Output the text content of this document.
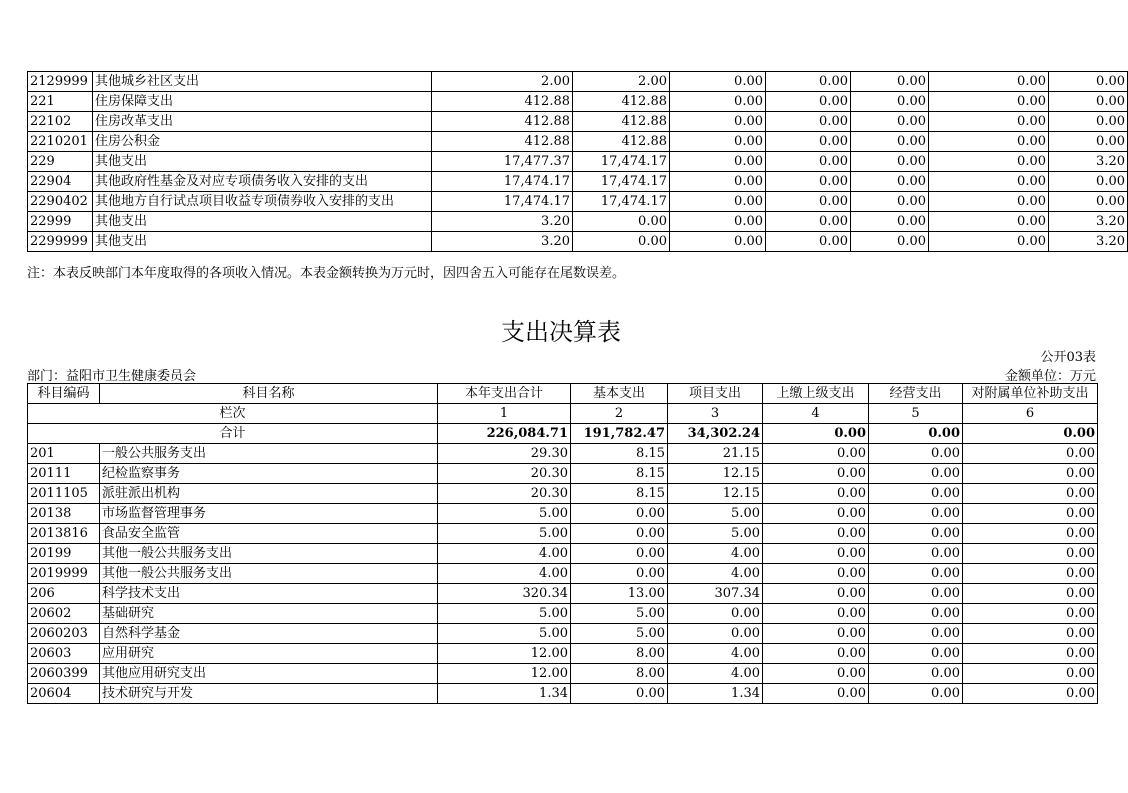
2129999	其他城乡社区支出	2.00	2.00	0.00	0.00	0.00	0.00	0.00
221	住房保障支出	412.88	412.88	0.00	0.00	0.00	0.00	0.00
22102	住房改革支出	412.88	412.88	0.00	0.00	0.00	0.00	0.00
2210201	住房公积金	412.88	412.88	0.00	0.00	0.00	0.00	0.00
229	其他支出	17,477.37	17,474.17	0.00	0.00	0.00	0.00	3.20
22904	其他政府性基金及对应专项债务收入安排的支出	17,474.17	17,474.17	0.00	0.00	0.00	0.00	0.00
2290402	其他地方自行试点项目收益专项债券收入安排的支出	17,474.17	17,474.17	0.00	0.00	0.00	0.00	0.00
22999	其他支出	3.20	0.00	0.00	0.00	0.00	0.00	3.20
2299999	其他支出	3.20	0.00	0.00	0.00	0.00	0.00	3.20
注：本表反映部门本年度取得的各项收入情况。本表金额转换为万元时，因四舍五入可能存在尾数误差。
支出决算表
公开03表
部门：益阳市卫生健康委员会	金额单位：万元
科目编码	科目名称	本年支出合计	基本支出	项目支出	上缴上级支出	经营支出	对附属单位补助支出
栏次		1	2	3	4	5	6
合计		226,084.71	191,782.47	34,302.24	0.00	0.00	0.00
201	一般公共服务支出	29.30	8.15	21.15	0.00	0.00	0.00
20111	纪检监察事务	20.30	8.15	12.15	0.00	0.00	0.00
2011105	派驻派出机构	20.30	8.15	12.15	0.00	0.00	0.00
20138	市场监督管理事务	5.00	0.00	5.00	0.00	0.00	0.00
2013816	食品安全监管	5.00	0.00	5.00	0.00	0.00	0.00
20199	其他一般公共服务支出	4.00	0.00	4.00	0.00	0.00	0.00
2019999	其他一般公共服务支出	4.00	0.00	4.00	0.00	0.00	0.00
206	科学技术支出	320.34	13.00	307.34	0.00	0.00	0.00
20602	基础研究	5.00	5.00	0.00	0.00	0.00	0.00
2060203	自然科学基金	5.00	5.00	0.00	0.00	0.00	0.00
20603	应用研究	12.00	8.00	4.00	0.00	0.00	0.00
2060399	其他应用研究支出	12.00	8.00	4.00	0.00	0.00	0.00
20604	技术研究与开发	1.34	0.00	1.34	0.00	0.00	0.00
